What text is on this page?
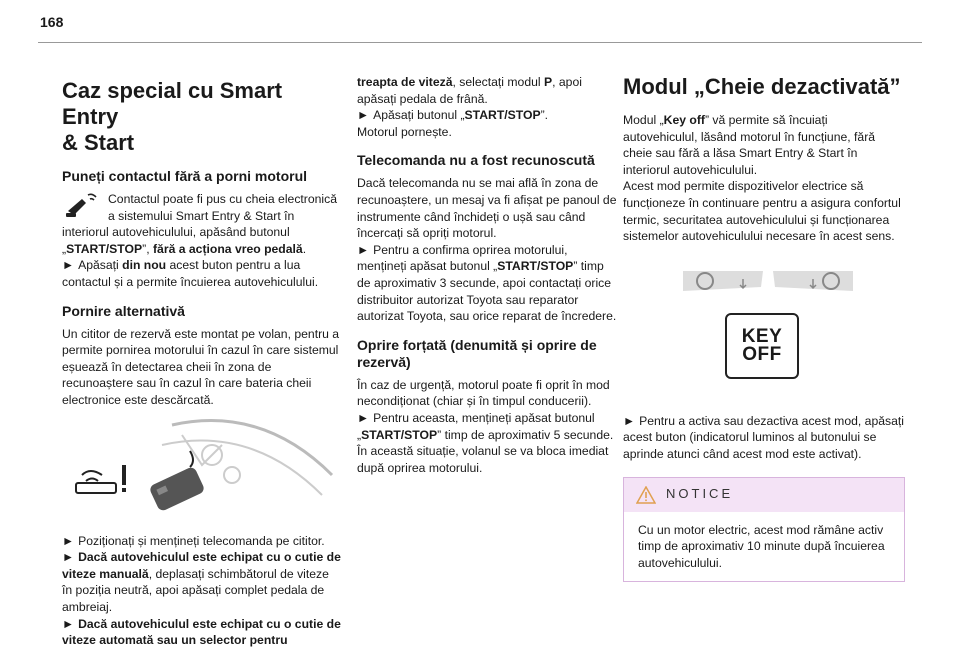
168
Caz special cu Smart Entry
& Start
Puneți contactul fără a porni motorul

Contactul poate fi pus cu cheia electronică a sistemului Smart Entry & Start în interiorul autovehiculului, apăsând butonul „START/STOP”, fără a acționa vreo pedală.

► Apăsați din nou acest buton pentru a lua contactul și a permite încuierea autovehiculului.

Pornire alternativă

Un cititor de rezervă este montat pe volan, pentru a permite pornirea motorului în cazul în care sistemul eșuează în detectarea cheii în zona de recunoaștere sau în cazul în care bateria cheii electronice este descărcată.

► Poziționați și mențineți telecomanda pe cititor.

► Dacă autovehiculul este echipat cu o cutie de viteze manuală, deplasați schimbătorul de viteze în poziția neutră, apoi apăsați complet pedala de ambreiaj.

► Dacă autovehiculul este echipat cu o cutie de viteze automată sau un selector pentru

treapta de viteză, selectați modul P, apoi apăsați pedala de frână.

► Apăsați butonul „START/STOP”.

Motorul pornește.

Telecomanda nu a fost recunoscută

Dacă telecomanda nu se mai află în zona de recunoaștere, un mesaj va fi afișat pe panoul de instrumente când închideți o ușă sau când încercați să opriți motorul.

► Pentru a confirma oprirea motorului, mențineți apăsat butonul „START/STOP” timp de aproximativ 3 secunde, apoi contactați orice distribuitor autorizat Toyota sau reparator autorizat Toyota, sau orice reparat de încredere.

Oprire forțată (denumită și oprire de rezervă)

În caz de urgență, motorul poate fi oprit în mod necondiționat (chiar și în timpul conducerii).

► Pentru aceasta, mențineți apăsat butonul „START/STOP” timp de aproximativ 5 secunde.

În această situație, volanul se va bloca imediat după oprirea motorului.

Modul „Cheie dezactivată”

Modul „Key off” vă permite să încuiați autovehiculul, lăsând motorul în funcțiune, fără cheie sau fără a lăsa Smart Entry & Start în interiorul autovehiculului.

Acest mod permite dispozitivelor electrice să funcționeze în continuare pentru a asigura confortul termic, securitatea autovehiculului și funcționarea sistemelor autovehiculului necesare în acest sens.

KEY
OFF

► Pentru a activa sau dezactiva acest mod, apăsați acest buton (indicatorul luminos al butonului se aprinde atunci când acest mod este activat).

NOTICE
Cu un motor electric, acest mod rămâne activ timp de aproximativ 10 minute după încuierea autovehiculului.
